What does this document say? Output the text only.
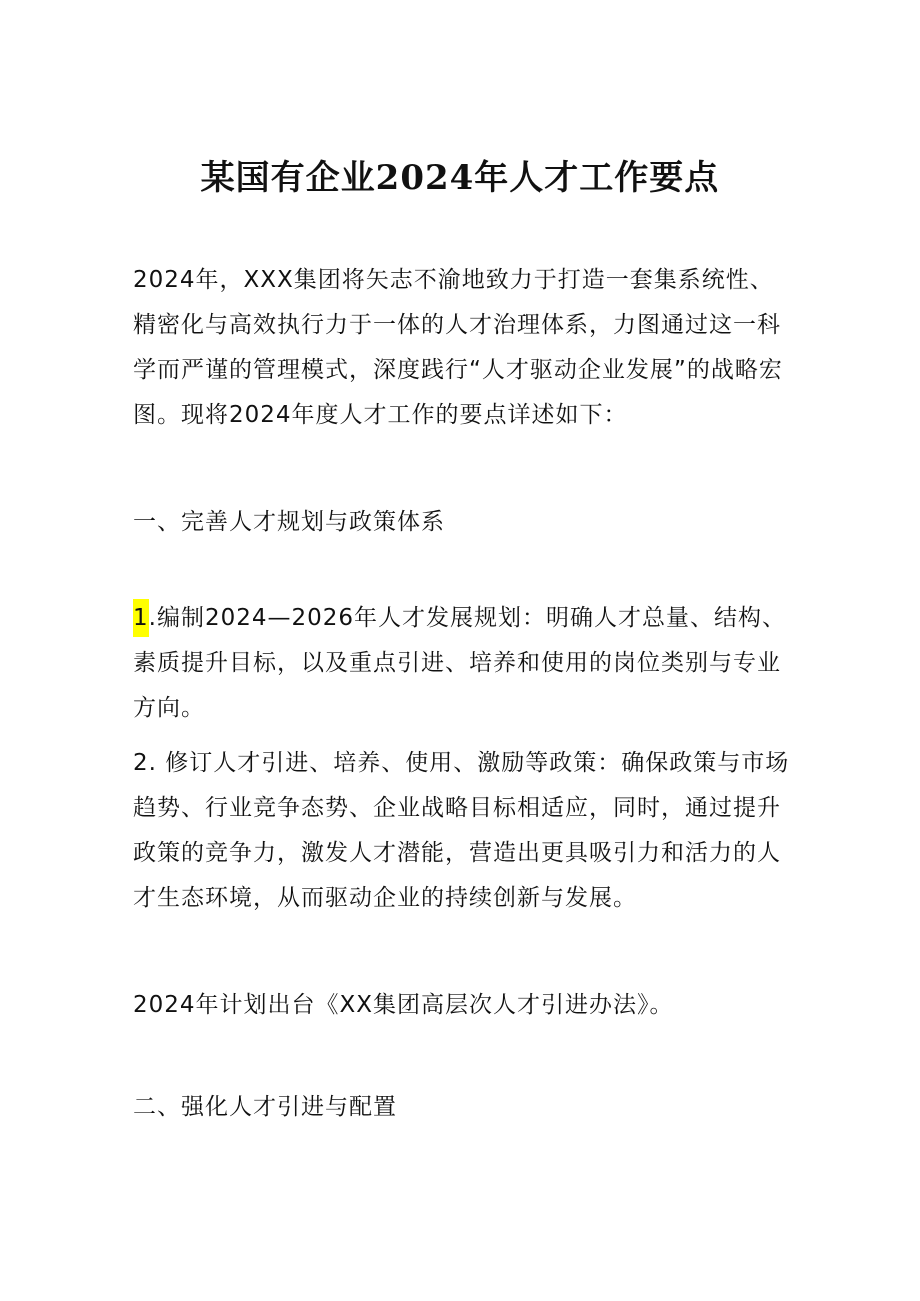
某国有企业2024年人才工作要点

2024年，XXX集团将矢志不渝地致力于打造一套集系统性、精密化与高效执行力于一体的人才治理体系，力图通过这一科学而严谨的管理模式，深度践行“人才驱动企业发展”的战略宏图。现将2024年度人才工作的要点详述如下：

一、完善人才规划与政策体系

1.编制2024—2026年人才发展规划：明确人才总量、结构、素质提升目标，以及重点引进、培养和使用的岗位类别与专业方向。

2. 修订人才引进、培养、使用、激励等政策：确保政策与市场趋势、行业竞争态势、企业战略目标相适应，同时，通过提升政策的竞争力，激发人才潜能，营造出更具吸引力和活力的人才生态环境，从而驱动企业的持续创新与发展。

2024年计划出台《XX集团高层次人才引进办法》。

二、强化人才引进与配置
